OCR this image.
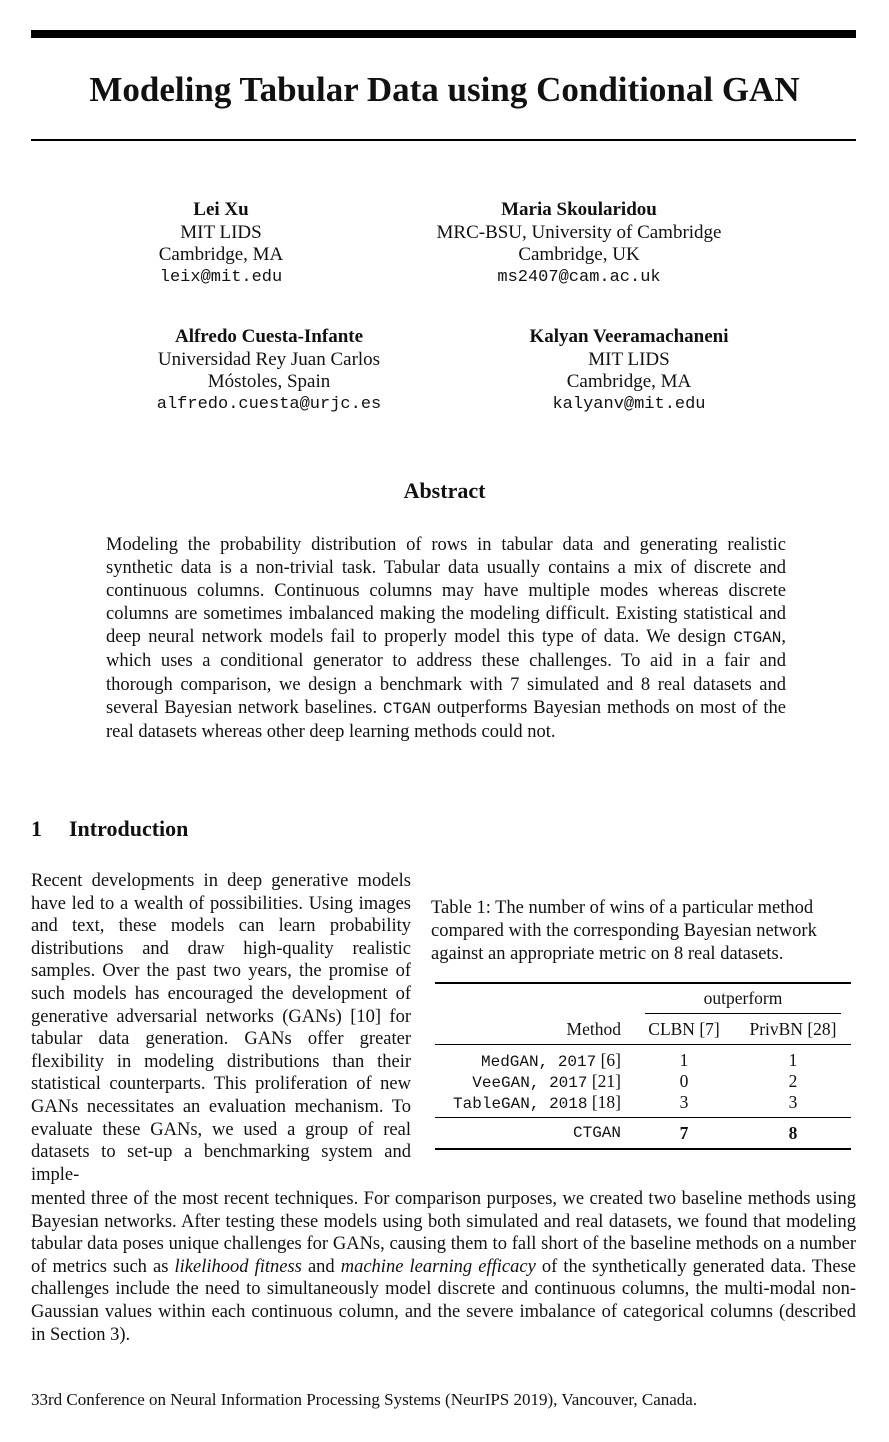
Modeling Tabular Data using Conditional GAN
Lei Xu
MIT LIDS
Cambridge, MA
leix@mit.edu
Maria Skoularidou
MRC-BSU, University of Cambridge
Cambridge, UK
ms2407@cam.ac.uk
Alfredo Cuesta-Infante
Universidad Rey Juan Carlos
Móstoles, Spain
alfredo.cuesta@urjc.es
Kalyan Veeramachaneni
MIT LIDS
Cambridge, MA
kalyanv@mit.edu
Abstract

Modeling the probability distribution of rows in tabular data and generating realistic synthetic data is a non-trivial task. Tabular data usually contains a mix of discrete and continuous columns. Continuous columns may have multiple modes whereas discrete columns are sometimes imbalanced making the modeling difficult. Existing statistical and deep neural network models fail to properly model this type of data. We design CTGAN, which uses a conditional generator to address these challenges. To aid in a fair and thorough comparison, we design a benchmark with 7 simulated and 8 real datasets and several Bayesian network baselines. CTGAN outperforms Bayesian methods on most of the real datasets whereas other deep learning methods could not.

1 Introduction

Recent developments in deep generative models have led to a wealth of possibilities. Using images and text, these models can learn probability distributions and draw high-quality realistic samples. Over the past two years, the promise of such models has encouraged the development of generative adversarial networks (GANs) [10] for tabular data generation. GANs offer greater flexibility in modeling distributions than their statistical counterparts. This proliferation of new GANs necessitates an evaluation mechanism. To evaluate these GANs, we used a group of real datasets to set-up a benchmarking system and imple-

mented three of the most recent techniques. For comparison purposes, we created two baseline methods using Bayesian networks. After testing these models using both simulated and real datasets, we found that modeling tabular data poses unique challenges for GANs, causing them to fall short of the baseline methods on a number of metrics such as likelihood fitness and machine learning efficacy of the synthetically generated data. These challenges include the need to simultaneously model discrete and continuous columns, the multi-modal non-Gaussian values within each continuous column, and the severe imbalance of categorical columns (described in Section 3).

Table 1: The number of wins of a particular method compared with the corresponding Bayesian network against an appropriate metric on 8 real datasets.

outperform
Method	CLBN [7]	PrivBN [28]
MedGAN, 2017 [6]	1	1
VeeGAN, 2017 [21]	0	2
TableGAN, 2018 [18]	3	3
CTGAN	7	8

33rd Conference on Neural Information Processing Systems (NeurIPS 2019), Vancouver, Canada.
